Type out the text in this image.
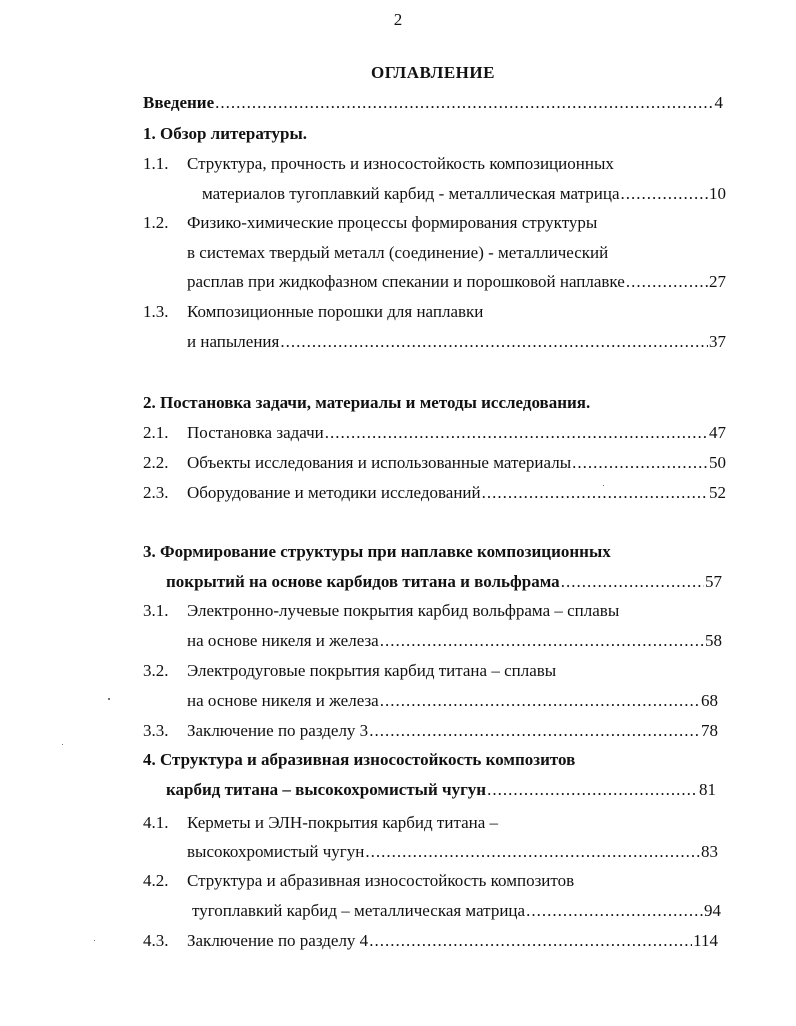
2
ОГЛАВЛЕНИЕ
Введение .....	4
1. Обзор литературы.
1.1. Структура, прочность и износостойкость композиционных
материалов тугоплавкий карбид - металлическая матрица .....	10
1.2. Физико-химические процессы формирования структуры
в системах твердый металл (соединение) - металлический
расплав при жидкофазном спекании и порошковой наплавке .....	27
1.3. Композиционные порошки для наплавки
и напыления .....	37
2. Постановка задачи, материалы и методы исследования.
2.1. Постановка задачи .....	47
2.2. Объекты исследования и использованные материалы .....	50
2.3. Оборудование и методики исследований .....	52
3. Формирование структуры при наплавке композиционных
покрытий на основе карбидов титана и вольфрама .....	57
3.1. Электронно-лучевые покрытия карбид вольфрама – сплавы
на основе никеля и железа .....	58
3.2. Электродуговые покрытия карбид титана – сплавы
на основе никеля и железа .....	68
3.3. Заключение по разделу 3 .....	78
4. Структура и абразивная износостойкость композитов
карбид титана – высокохромистый чугун .....	81
4.1. Керметы и ЭЛН-покрытия карбид титана –
высокохромистый чугун .....	83
4.2. Структура и абразивная износостойкость композитов
тугоплавкий карбид – металлическая матрица .....	94
4.3. Заключение по разделу 4 .....	114
